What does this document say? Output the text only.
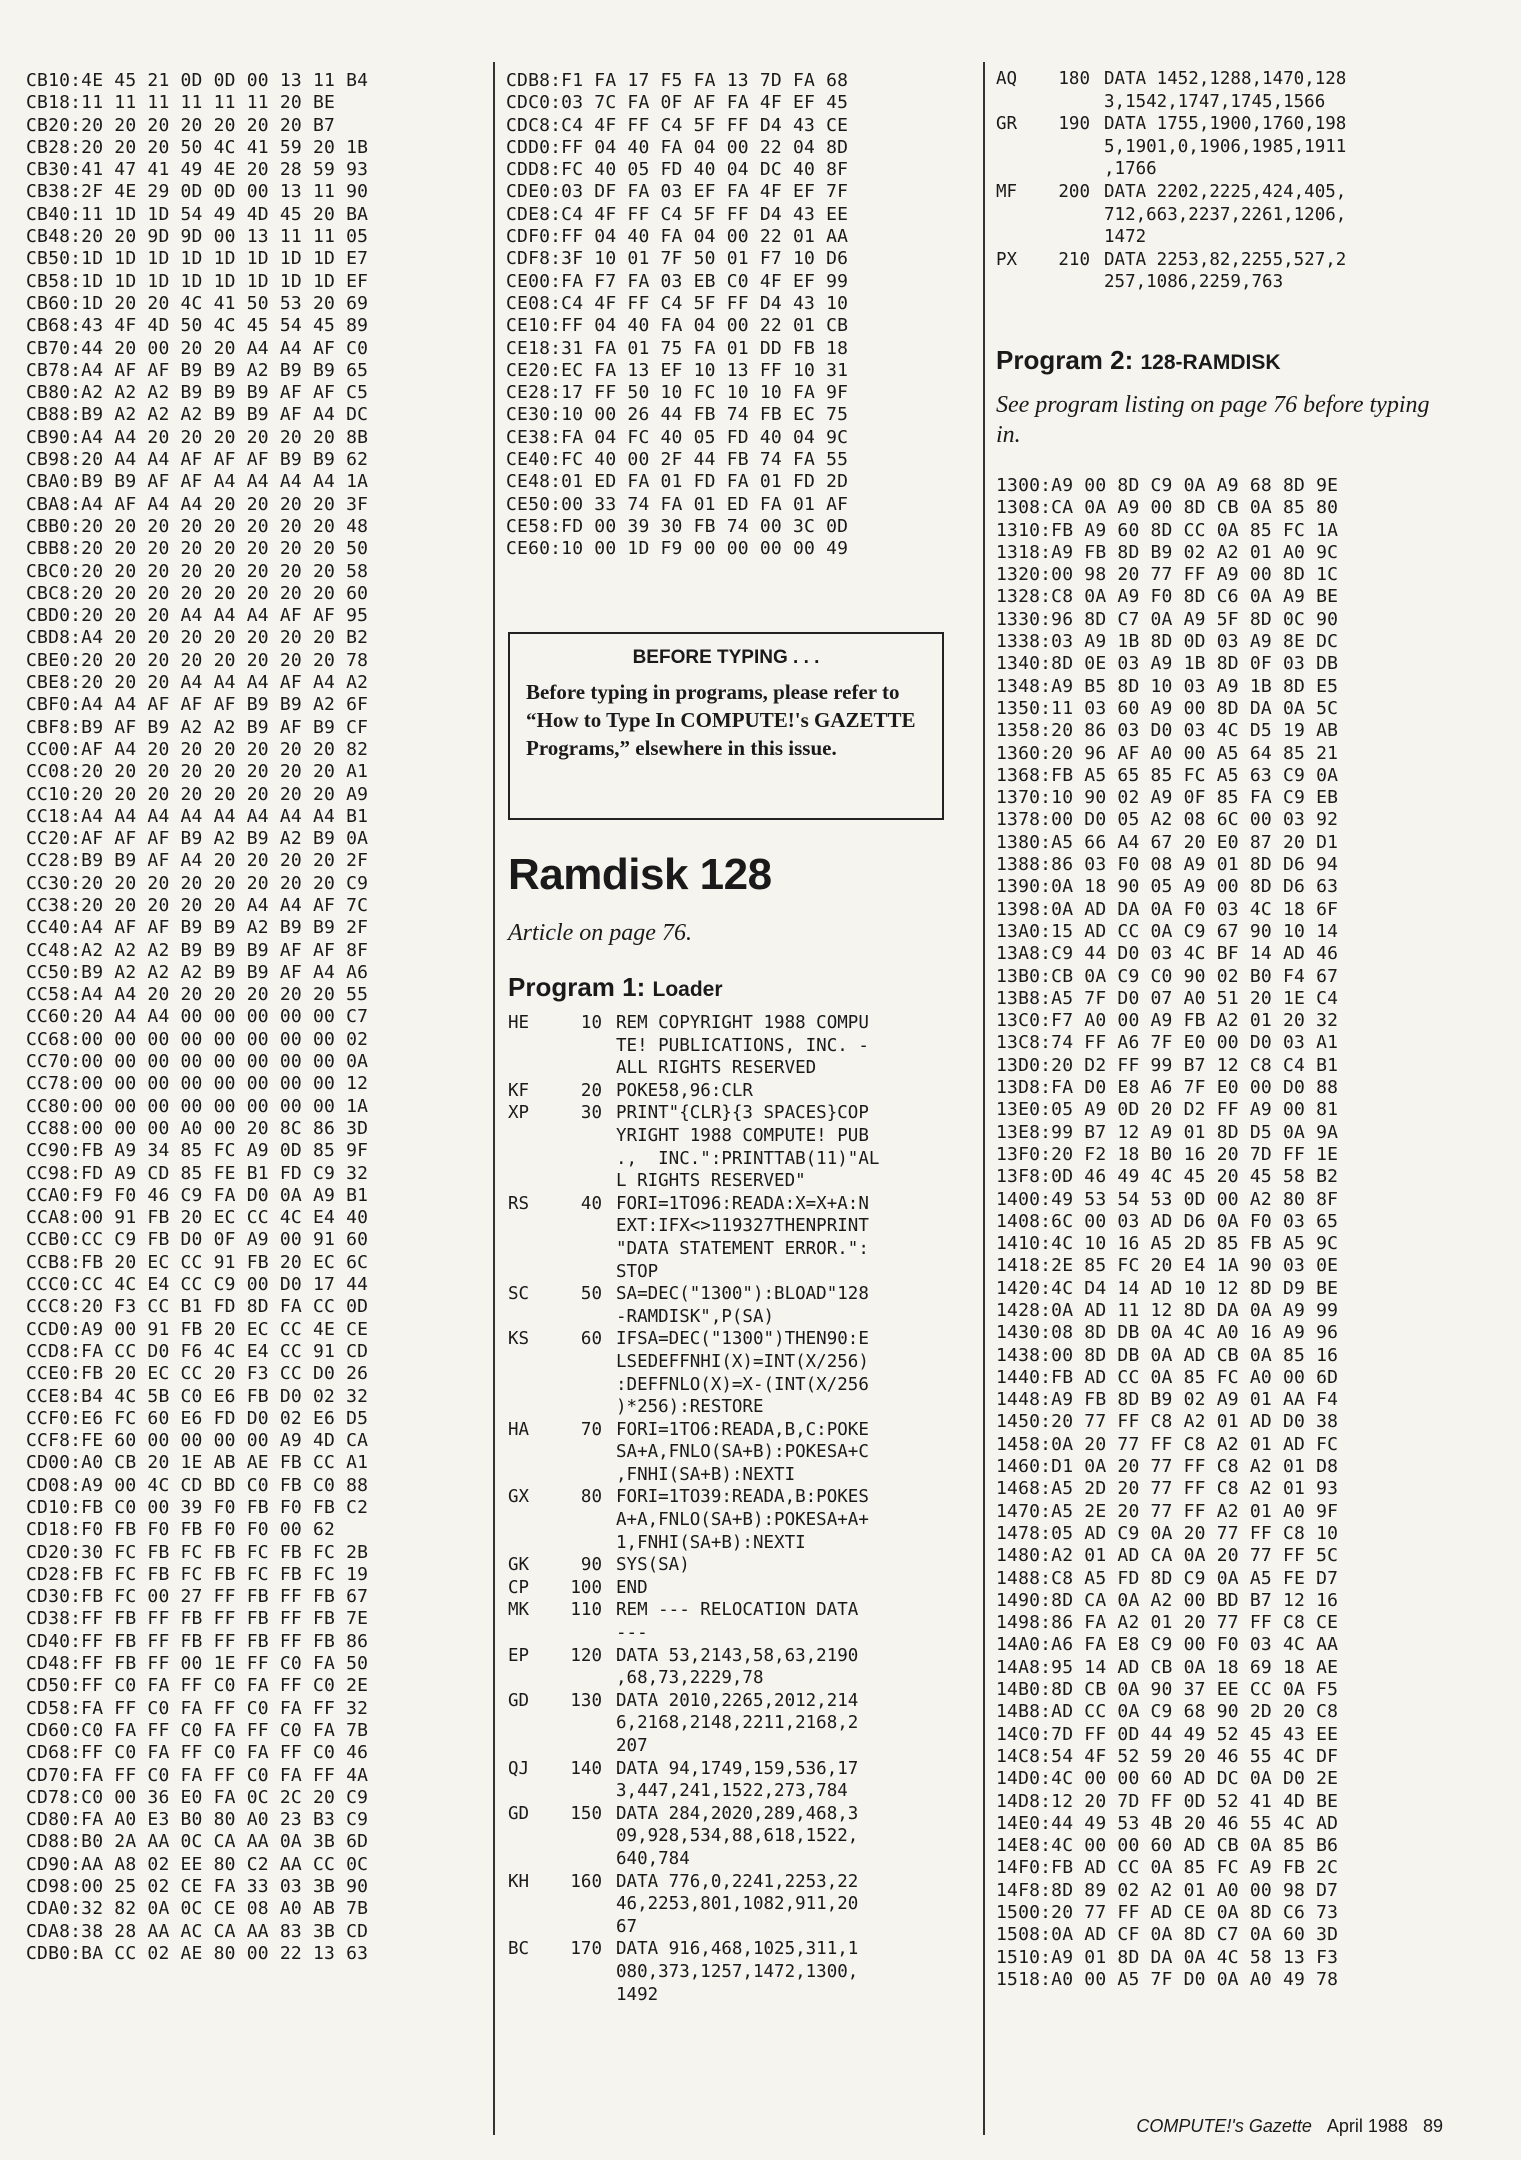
CB10:4E 45 21 0D 0D 00 13 11 B4
CB18:11 11 11 11 11 11 20 BE
CB20:20 20 20 20 20 20 20 B7
CB28:20 20 20 50 4C 41 59 20 1B
CB30:41 47 41 49 4E 20 28 59 93
CB38:2F 4E 29 0D 0D 00 13 11 90
CB40:11 1D 1D 54 49 4D 45 20 BA
CB48:20 20 9D 9D 00 13 11 11 05
CB50:1D 1D 1D 1D 1D 1D 1D 1D E7
CB58:1D 1D 1D 1D 1D 1D 1D 1D EF
CB60:1D 20 20 4C 41 50 53 20 69
CB68:43 4F 4D 50 4C 45 54 45 89
CB70:44 20 00 20 20 A4 A4 AF C0
CB78:A4 AF AF B9 B9 A2 B9 B9 65
CB80:A2 A2 A2 B9 B9 B9 AF AF C5
CB88:B9 A2 A2 A2 B9 B9 AF A4 DC
CB90:A4 A4 20 20 20 20 20 20 8B
CB98:20 A4 A4 AF AF AF B9 B9 62
CBA0:B9 B9 AF AF A4 A4 A4 A4 1A
CBA8:A4 AF A4 A4 20 20 20 20 3F
CBB0:20 20 20 20 20 20 20 20 48
CBB8:20 20 20 20 20 20 20 20 50
CBC0:20 20 20 20 20 20 20 20 58
CBC8:20 20 20 20 20 20 20 20 60
CBD0:20 20 20 A4 A4 A4 AF AF 95
CBD8:A4 20 20 20 20 20 20 20 B2
CBE0:20 20 20 20 20 20 20 20 78
CBE8:20 20 20 A4 A4 A4 AF A4 A2
CBF0:A4 A4 AF AF AF B9 B9 A2 6F
CBF8:B9 AF B9 A2 A2 B9 AF B9 CF
CC00:AF A4 20 20 20 20 20 20 82
CC08:20 20 20 20 20 20 20 20 A1
CC10:20 20 20 20 20 20 20 20 A9
CC18:A4 A4 A4 A4 A4 A4 A4 A4 B1
CC20:AF AF AF B9 A2 B9 A2 B9 0A
CC28:B9 B9 AF A4 20 20 20 20 2F
CC30:20 20 20 20 20 20 20 20 C9
CC38:20 20 20 20 20 A4 A4 AF 7C
CC40:A4 AF AF B9 B9 A2 B9 B9 2F
CC48:A2 A2 A2 B9 B9 B9 AF AF 8F
CC50:B9 A2 A2 A2 B9 B9 AF A4 A6
CC58:A4 A4 20 20 20 20 20 20 55
CC60:20 A4 A4 00 00 00 00 00 C7
CC68:00 00 00 00 00 00 00 00 02
CC70:00 00 00 00 00 00 00 00 0A
CC78:00 00 00 00 00 00 00 00 12
CC80:00 00 00 00 00 00 00 00 1A
CC88:00 00 00 A0 00 20 8C 86 3D
CC90:FB A9 34 85 FC A9 0D 85 9F
CC98:FD A9 CD 85 FE B1 FD C9 32
CCA0:F9 F0 46 C9 FA D0 0A A9 B1
CCA8:00 91 FB 20 EC CC 4C E4 40
CCB0:CC C9 FB D0 0F A9 00 91 60
CCB8:FB 20 EC CC 91 FB 20 EC 6C
CCC0:CC 4C E4 CC C9 00 D0 17 44
CCC8:20 F3 CC B1 FD 8D FA CC 0D
CCD0:A9 00 91 FB 20 EC CC 4E CE
CCD8:FA CC D0 F6 4C E4 CC 91 CD
CCE0:FB 20 EC CC 20 F3 CC D0 26
CCE8:B4 4C 5B C0 E6 FB D0 02 32
CCF0:E6 FC 60 E6 FD D0 02 E6 D5
CCF8:FE 60 00 00 00 00 A9 4D CA
CD00:A0 CB 20 1E AB AE FB CC A1
CD08:A9 00 4C CD BD C0 FB C0 88
CD10:FB C0 00 39 F0 FB F0 FB C2
CD18:F0 FB F0 FB F0 F0 00 62
CD20:30 FC FB FC FB FC FB FC 2B
CD28:FB FC FB FC FB FC FB FC 19
CD30:FB FC 00 27 FF FB FF FB 67
CD38:FF FB FF FB FF FB FF FB 7E
CD40:FF FB FF FB FF FB FF FB 86
CD48:FF FB FF 00 1E FF C0 FA 50
CD50:FF C0 FA FF C0 FA FF C0 2E
CD58:FA FF C0 FA FF C0 FA FF 32
CD60:C0 FA FF C0 FA FF C0 FA 7B
CD68:FF C0 FA FF C0 FA FF C0 46
CD70:FA FF C0 FA FF C0 FA FF 4A
CD78:C0 00 36 E0 FA 0C 2C 20 C9
CD80:FA A0 E3 B0 80 A0 23 B3 C9
CD88:B0 2A AA 0C CA AA 0A 3B 6D
CD90:AA A8 02 EE 80 C2 AA CC 0C
CD98:00 25 02 CE FA 33 03 3B 90
CDA0:32 82 0A 0C CE 08 A0 AB 7B
CDA8:38 28 AA AC CA AA 83 3B CD
CDB0:BA CC 02 AE 80 00 22 13 63
CDB8:F1 FA 17 F5 FA 13 7D FA 68
CDC0:03 7C FA 0F AF FA 4F EF 45
CDC8:C4 4F FF C4 5F FF D4 43 CE
CDD0:FF 04 40 FA 04 00 22 04 8D
CDD8:FC 40 05 FD 40 04 DC 40 8F
CDE0:03 DF FA 03 EF FA 4F EF 7F
CDE8:C4 4F FF C4 5F FF D4 43 EE
CDF0:FF 04 40 FA 04 00 22 01 AA
CDF8:3F 10 01 7F 50 01 F7 10 D6
CE00:FA F7 FA 03 EB C0 4F EF 99
CE08:C4 4F FF C4 5F FF D4 43 10
CE10:FF 04 40 FA 04 00 22 01 CB
CE18:31 FA 01 75 FA 01 DD FB 18
CE20:EC FA 13 EF 10 13 FF 10 31
CE28:17 FF 50 10 FC 10 10 FA 9F
CE30:10 00 26 44 FB 74 FB EC 75
CE38:FA 04 FC 40 05 FD 40 04 9C
CE40:FC 40 00 2F 44 FB 74 FA 55
CE48:01 ED FA 01 FD FA 01 FD 2D
CE50:00 33 74 FA 01 ED FA 01 AF
CE58:FD 00 39 30 FB 74 00 3C 0D
CE60:10 00 1D F9 00 00 00 00 49
BEFORE TYPING . . .
Before typing in programs, please refer to “How to Type In COMPUTE!'s GAZETTE Programs,” elsewhere in this issue.
Ramdisk 128
Article on page 76.
Program 1: Loader
HE	10 REM COPYRIGHT 1988 COMPU
TE! PUBLICATIONS, INC. -
ALL RIGHTS RESERVED
KF	20 POKE58,96:CLR
XP	30 PRINT"{CLR}{3 SPACES}COP
YRIGHT 1988 COMPUTE! PUB
.,  INC.":PRINTTAB(11)"AL
L RIGHTS RESERVED"
RS	40 FORI=1TO96:READA:X=X+A:N
EXT:IFX<>119327THENPRINT
"DATA STATEMENT ERROR.":
STOP
SC	50 SA=DEC("1300"):BLOAD"128
-RAMDISK",P(SA)
KS	60 IFSA=DEC("1300")THEN90:E
LSEDEFFNHI(X)=INT(X/256)
:DEFFNLO(X)=X-(INT(X/256
)*256):RESTORE
HA	70 FORI=1TO6:READA,B,C:POKE
SA+A,FNLO(SA+B):POKESA+C
,FNHI(SA+B):NEXTI
GX	80 FORI=1TO39:READA,B:POKES
A+A,FNLO(SA+B):POKESA+A+
1,FNHI(SA+B):NEXTI
GK	90 SYS(SA)
CP	100 END
MK	110 REM --- RELOCATION DATA
---
EP	120 DATA 53,2143,58,63,2190
,68,73,2229,78
GD	130 DATA 2010,2265,2012,214
6,2168,2148,2211,2168,2
207
QJ	140 DATA 94,1749,159,536,17
3,447,241,1522,273,784
GD	150 DATA 284,2020,289,468,3
09,928,534,88,618,1522,
640,784
KH	160 DATA 776,0,2241,2253,22
46,2253,801,1082,911,20
67
BC	170 DATA 916,468,1025,311,1
080,373,1257,1472,1300,
1492
AQ	180 DATA 1452,1288,1470,128
3,1542,1747,1745,1566
GR	190 DATA 1755,1900,1760,198
5,1901,0,1906,1985,1911
,1766
MF	200 DATA 2202,2225,424,405,
712,663,2237,2261,1206,
1472
PX	210 DATA 2253,82,2255,527,2
257,1086,2259,763
Program 2: 128-RAMDISK
See program listing on page 76 before typing in.
1300:A9 00 8D C9 0A A9 68 8D 9E
1308:CA 0A A9 00 8D CB 0A 85 80
1310:FB A9 60 8D CC 0A 85 FC 1A
1318:A9 FB 8D B9 02 A2 01 A0 9C
1320:00 98 20 77 FF A9 00 8D 1C
1328:C8 0A A9 F0 8D C6 0A A9 BE
1330:96 8D C7 0A A9 5F 8D 0C 90
1338:03 A9 1B 8D 0D 03 A9 8E DC
1340:8D 0E 03 A9 1B 8D 0F 03 DB
1348:A9 B5 8D 10 03 A9 1B 8D E5
1350:11 03 60 A9 00 8D DA 0A 5C
1358:20 86 03 D0 03 4C D5 19 AB
1360:20 96 AF A0 00 A5 64 85 21
1368:FB A5 65 85 FC A5 63 C9 0A
1370:10 90 02 A9 0F 85 FA C9 EB
1378:00 D0 05 A2 08 6C 00 03 92
1380:A5 66 A4 67 20 E0 87 20 D1
1388:86 03 F0 08 A9 01 8D D6 94
1390:0A 18 90 05 A9 00 8D D6 63
1398:0A AD DA 0A F0 03 4C 18 6F
13A0:15 AD CC 0A C9 67 90 10 14
13A8:C9 44 D0 03 4C BF 14 AD 46
13B0:CB 0A C9 C0 90 02 B0 F4 67
13B8:A5 7F D0 07 A0 51 20 1E C4
13C0:F7 A0 00 A9 FB A2 01 20 32
13C8:74 FF A6 7F E0 00 D0 03 A1
13D0:20 D2 FF 99 B7 12 C8 C4 B1
13D8:FA D0 E8 A6 7F E0 00 D0 88
13E0:05 A9 0D 20 D2 FF A9 00 81
13E8:99 B7 12 A9 01 8D D5 0A 9A
13F0:20 F2 18 B0 16 20 7D FF 1E
13F8:0D 46 49 4C 45 20 45 58 B2
1400:49 53 54 53 0D 00 A2 80 8F
1408:6C 00 03 AD D6 0A F0 03 65
1410:4C 10 16 A5 2D 85 FB A5 9C
1418:2E 85 FC 20 E4 1A 90 03 0E
1420:4C D4 14 AD 10 12 8D D9 BE
1428:0A AD 11 12 8D DA 0A A9 99
1430:08 8D DB 0A 4C A0 16 A9 96
1438:00 8D DB 0A AD CB 0A 85 16
1440:FB AD CC 0A 85 FC A0 00 6D
1448:A9 FB 8D B9 02 A9 01 AA F4
1450:20 77 FF C8 A2 01 AD D0 38
1458:0A 20 77 FF C8 A2 01 AD FC
1460:D1 0A 20 77 FF C8 A2 01 D8
1468:A5 2D 20 77 FF C8 A2 01 93
1470:A5 2E 20 77 FF A2 01 A0 9F
1478:05 AD C9 0A 20 77 FF C8 10
1480:A2 01 AD CA 0A 20 77 FF 5C
1488:C8 A5 FD 8D C9 0A A5 FE D7
1490:8D CA 0A A2 00 BD B7 12 16
1498:86 FA A2 01 20 77 FF C8 CE
14A0:A6 FA E8 C9 00 F0 03 4C AA
14A8:95 14 AD CB 0A 18 69 18 AE
14B0:8D CB 0A 90 37 EE CC 0A F5
14B8:AD CC 0A C9 68 90 2D 20 C8
14C0:7D FF 0D 44 49 52 45 43 EE
14C8:54 4F 52 59 20 46 55 4C DF
14D0:4C 00 00 60 AD DC 0A D0 2E
14D8:12 20 7D FF 0D 52 41 4D BE
14E0:44 49 53 4B 20 46 55 4C AD
14E8:4C 00 00 60 AD CB 0A 85 B6
14F0:FB AD CC 0A 85 FC A9 FB 2C
14F8:8D 89 02 A2 01 A0 00 98 D7
1500:20 77 FF AD CE 0A 8D C6 73
1508:0A AD CF 0A 8D C7 0A 60 3D
1510:A9 01 8D DA 0A 4C 58 13 F3
1518:A0 00 A5 7F D0 0A A0 49 78
COMPUTE!'s Gazette April 1988 89
